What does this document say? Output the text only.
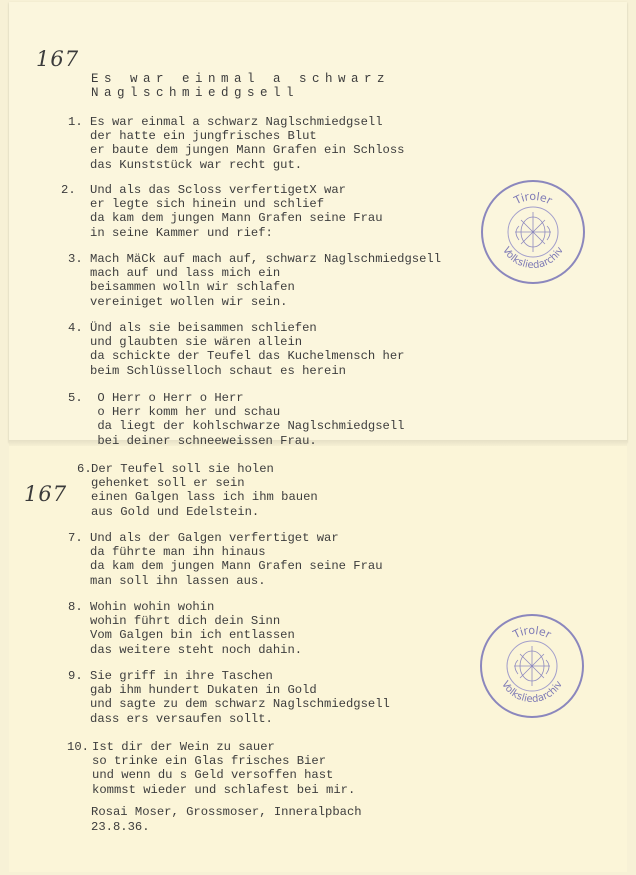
167
167
Es war einmal a schwarz
Naglschmiedgsell
1. Es war einmal a schwarz Naglschmiedgsell
der hatte ein jungfrisches Blut
er baute dem jungen Mann Grafen ein Schloss
das Kunststück war recht gut.
2. Und als das Scloss verfertigetX war
er legte sich hinein und schlief
da kam dem jungen Mann Grafen seine Frau
in seine Kammer und rief:
3. Mach MäCk auf mach auf, schwarz Naglschmiedgsell
mach auf und lass mich ein
beisammen wolln wir schlafen
vereiniget wollen wir sein.
4. Ünd als sie beisammen schliefen
und glaubten sie wären allein
da schickte der Teufel das Kuchelmensch her
beim Schlüsselloch schaut es herein
5. O Herr o Herr o Herr
o Herr komm her und schau
da liegt der kohlschwarze Naglschmiedgsell
bei deiner schneeweissen Frau.
6. Der Teufel soll sie holen
gehenket soll er sein
einen Galgen lass ich ihm bauen
aus Gold und Edelstein.
7. Und als der Galgen verfertiget war
da führte man ihn hinaus
da kam dem jungen Mann Grafen seine Frau
man soll ihn lassen aus.
8. Wohin wohin wohin
wohin führt dich dein Sinn
Vom Galgen bin ich entlassen
das weitere steht noch dahin.
9. Sie griff in ihre Taschen
gab ihm hundert Dukaten in Gold
und sagte zu dem schwarz Naglschmiedgsell
dass ers versaufen sollt.
10. Ist dir der Wein zu sauer
so trinke ein Glas frisches Bier
und wenn du s Geld versoffen hast
kommst wieder und schlafest bei mir.
Rosai Moser, Grossmoser, Inneralpbach
23.8.36.
Tiroler
Volksliedarchiv
Tiroler
Volksliedarchiv
